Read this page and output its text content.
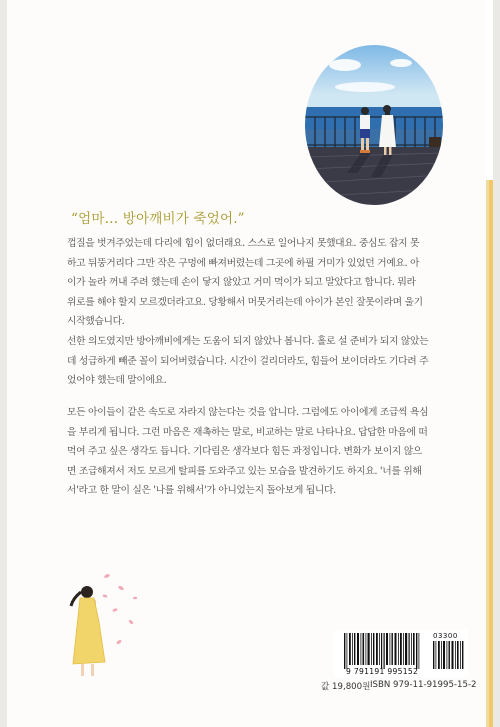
“엄마… 방아깨비가 죽었어.”

껍질을 벗겨주었는데 다리에 힘이 없더래요. 스스로 일어나지 못했대요. 중심도 잡지 못
하고 뒤뚱거리다 그만 작은 구멍에 빠져버렸는데 그곳에 하필 거미가 있었던 거예요. 아
이가 놀라 꺼내 주려 했는데 손이 닿지 않았고 거미 먹이가 되고 말았다고 합니다. 뭐라
위로를 해야 할지 모르겠더라고요. 당황해서 머뭇거리는데 아이가 본인 잘못이라며 울기
시작했습니다.

선한 의도였지만 방아깨비에게는 도움이 되지 않았나 봅니다. 홀로 설 준비가 되지 않았는
데 성급하게 빼준 꼴이 되어버렸습니다. 시간이 걸리더라도, 힘들어 보이더라도 기다려 주
었어야 했는데 말이에요.

모든 아이들이 같은 속도로 자라지 않는다는 것을 압니다. 그럼에도 아이에게 조급씩 욕심
을 부리게 됩니다. 그런 마음은 재촉하는 말로, 비교하는 말로 나타나요. 답답한 마음에 떠
먹여 주고 싶은 생각도 듭니다. 기다림은 생각보다 힘든 과정입니다. 변화가 보이지 않으
면 조급해져서 저도 모르게 탈피를 도와주고 있는 모습을 발견하기도 하지요. '너를 위해
서'라고 한 말이 실은 '나를 위해서'가 아니었는지 돌아보게 됩니다.

03300
9 791191 995152
값 19,800원 ISBN 979-11-91995-15-2
